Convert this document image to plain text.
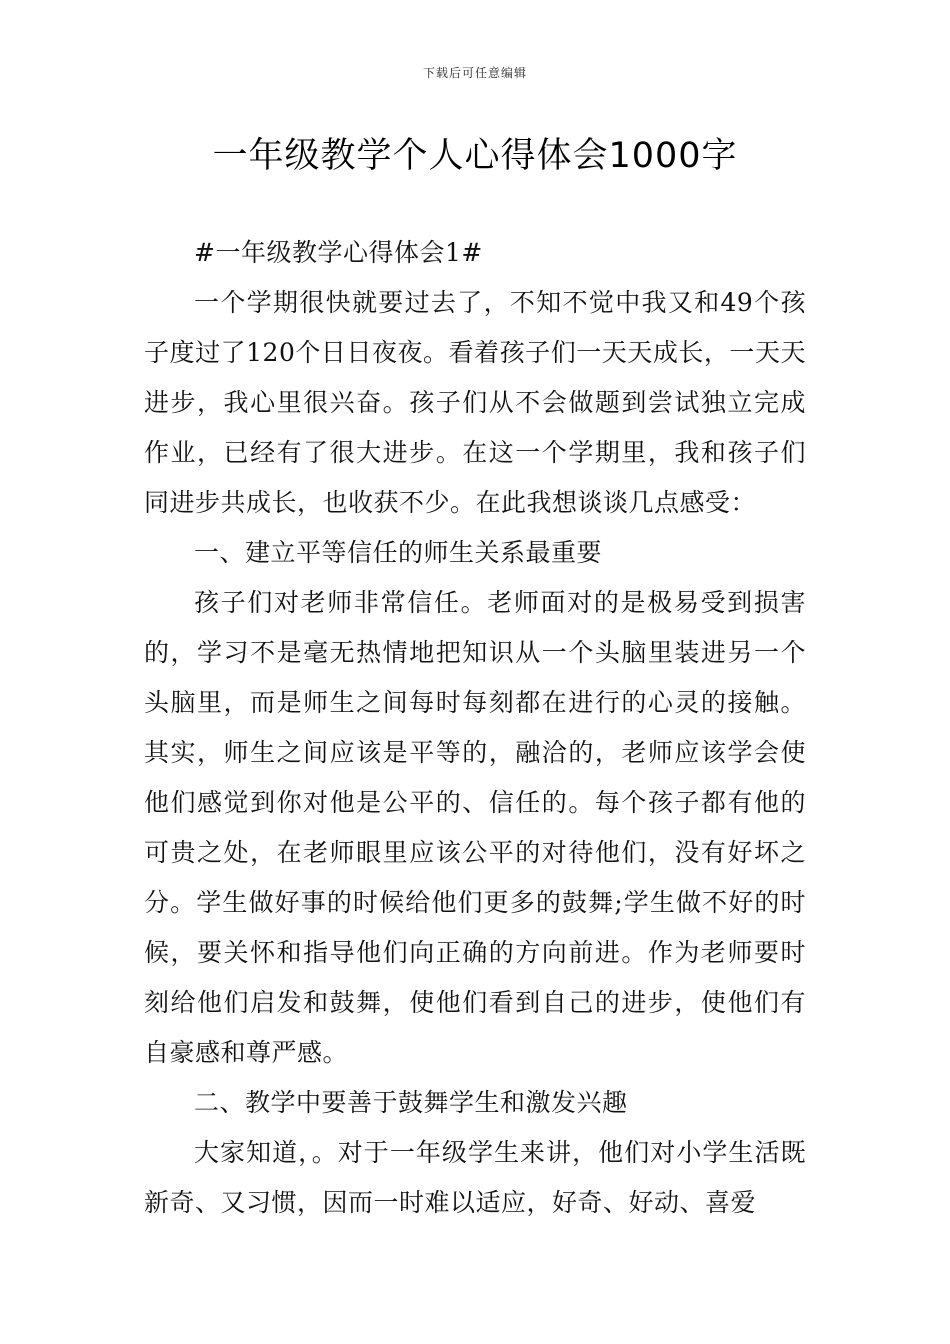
下载后可任意编辑
一年级教学个人心得体会1000字

#一年级教学心得体会1#

一个学期很快就要过去了，不知不觉中我又和49个孩子度过了120个日日夜夜。看着孩子们一天天成长，一天天进步，我心里很兴奋。孩子们从不会做题到尝试独立完成作业，已经有了很大进步。在这一个学期里，我和孩子们同进步共成长，也收获不少。在此我想谈谈几点感受：

一、建立平等信任的师生关系最重要

孩子们对老师非常信任。老师面对的是极易受到损害的，学习不是毫无热情地把知识从一个头脑里装进另一个头脑里，而是师生之间每时每刻都在进行的心灵的接触。其实，师生之间应该是平等的，融洽的，老师应该学会使他们感觉到你对他是公平的、信任的。每个孩子都有他的可贵之处，在老师眼里应该公平的对待他们，没有好坏之分。学生做好事的时候给他们更多的鼓舞;学生做不好的时候，要关怀和指导他们向正确的方向前进。作为老师要时刻给他们启发和鼓舞，使他们看到自己的进步，使他们有自豪感和尊严感。

二、教学中要善于鼓舞学生和激发兴趣

大家知道，。对于一年级学生来讲，他们对小学生活既新奇、又习惯，因而一时难以适应，好奇、好动、喜爱
